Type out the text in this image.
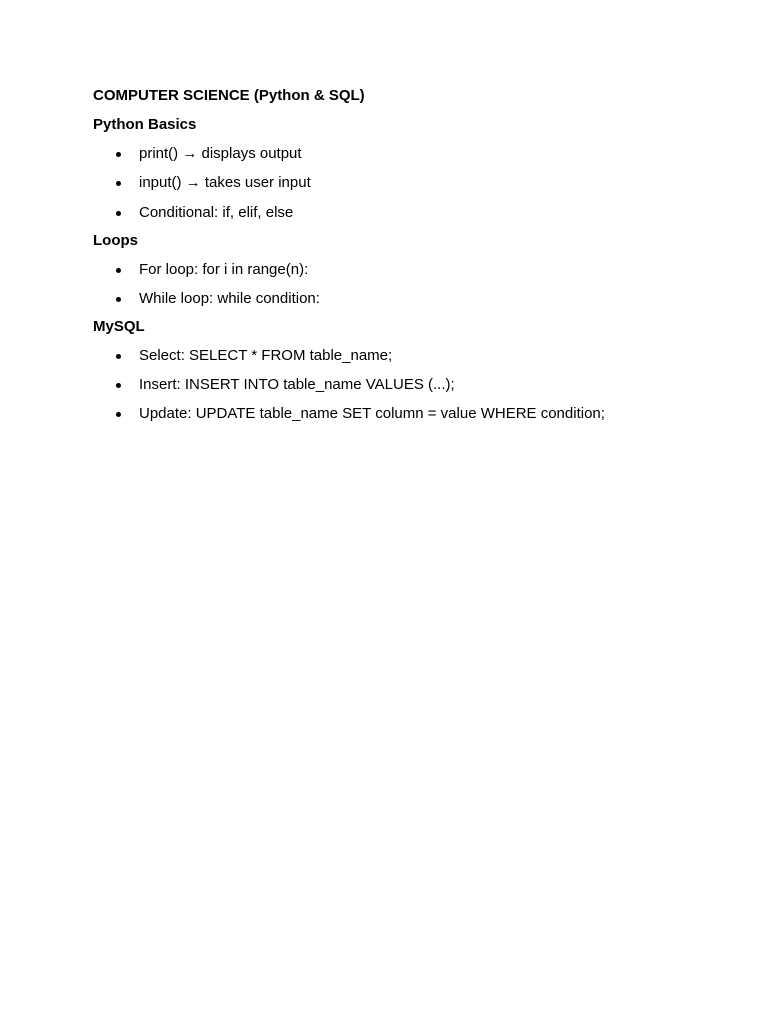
COMPUTER SCIENCE (Python & SQL)
Python Basics
print() → displays output
input() → takes user input
Conditional: if, elif, else
Loops
For loop: for i in range(n):
While loop: while condition:
MySQL
Select: SELECT * FROM table_name;
Insert: INSERT INTO table_name VALUES (...);
Update: UPDATE table_name SET column = value WHERE condition;
